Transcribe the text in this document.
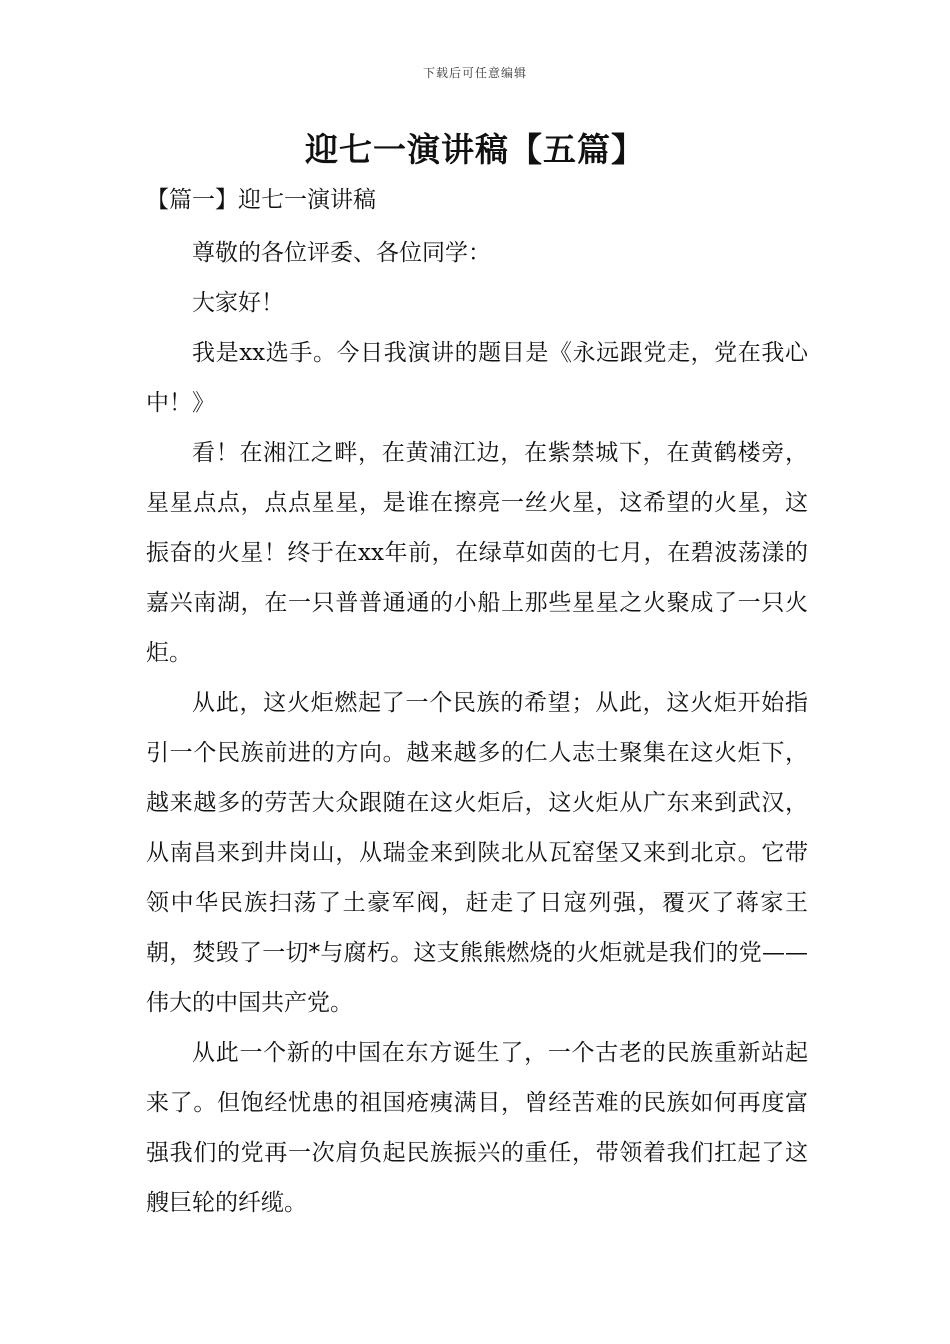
下载后可任意编辑
迎七一演讲稿【五篇】
【篇一】迎七一演讲稿

尊敬的各位评委、各位同学：

大家好！

我是xx选手。今日我演讲的题目是《永远跟党走，党在我心中！》

看！在湘江之畔，在黄浦江边，在紫禁城下，在黄鹤楼旁，星星点点，点点星星，是谁在擦亮一丝火星，这希望的火星，这振奋的火星！终于在xx年前，在绿草如茵的七月，在碧波荡漾的嘉兴南湖，在一只普普通通的小船上那些星星之火聚成了一只火炬。

从此，这火炬燃起了一个民族的希望；从此，这火炬开始指引一个民族前进的方向。越来越多的仁人志士聚集在这火炬下，越来越多的劳苦大众跟随在这火炬后，这火炬从广东来到武汉，从南昌来到井岗山，从瑞金来到陕北从瓦窑堡又来到北京。它带领中华民族扫荡了土豪军阀，赶走了日寇列强，覆灭了蒋家王朝，焚毁了一切*与腐朽。这支熊熊燃烧的火炬就是我们的党——伟大的中国共产党。

从此一个新的中国在东方诞生了，一个古老的民族重新站起来了。但饱经忧患的祖国疮痍满目，曾经苦难的民族如何再度富强我们的党再一次肩负起民族振兴的重任，带领着我们扛起了这艘巨轮的纤缆。
